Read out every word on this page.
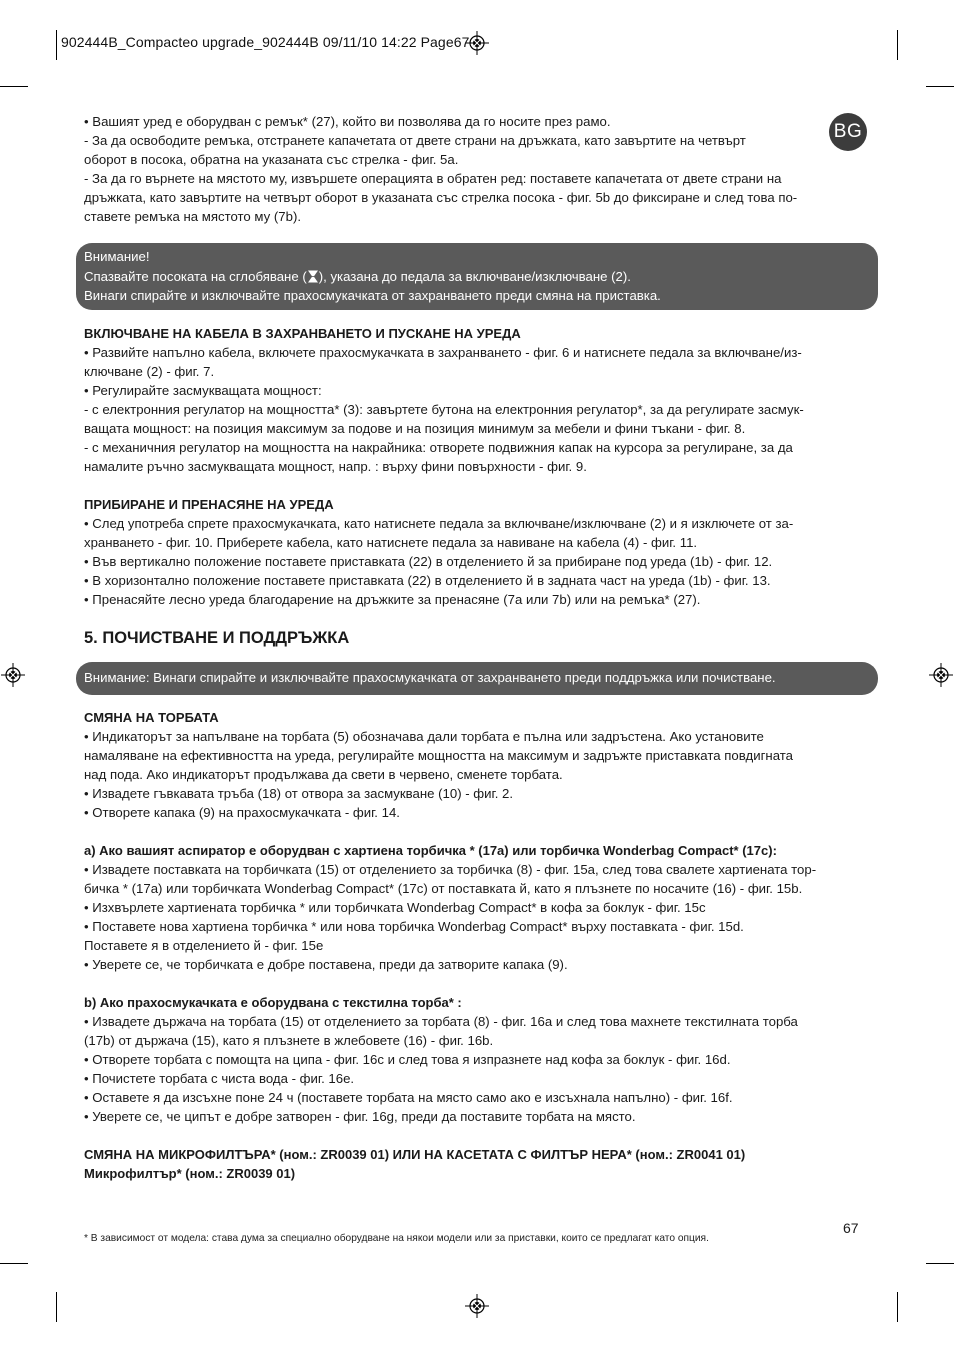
902444B_Compacteo upgrade_902444B 09/11/10 14:22 Page67
BG

• Вашият уред е оборудван с ремък* (27), който ви позволява да го носите през рамо.

- За да освободите ремъка, отстранете капачетата от двете страни на дръжката, като завъртите на четвърт

оборот в посока, обратна на указаната със стрелка - фиг. 5a.

- За да го върнете на мястото му, извършете операцията в обратен ред: поставете капачетата от двете страни на

дръжката, като завъртите на четвърт оборот в указаната със стрелка посока - фиг. 5b до фиксиране и след това по-

ставете ремъка на мястото му (7b).

Внимание!

Спазвайте посоката на сглобяване ( ), указана до педала за включване/изключване (2).

Винаги спирайте и изключвайте прахосмукачката от захранването преди смяна на приставка.

ВКЛЮЧВАНЕ НА КАБЕЛА В ЗАХРАНВАНЕТО И ПУСКАНЕ НА УРЕДА

• Развийте напълно кабела, включете прахосмукачката в захранването - фиг. 6 и натиснете педала за включване/из-

ключване (2) - фиг. 7.

• Регулирайте засмукващата мощност:

- с електронния регулатор на мощността* (3): завъртете бутона на електронния регулатор*, за да регулирате засмук-

ващата мощност: на позиция максимум за подове и на позиция минимум за мебели и фини тъкани - фиг. 8.

- с механичния регулатор на мощността на накрайника: отворете подвижния капак на курсора за регулиране, за да

намалите ръчно засмукващата мощност, напр. : върху фини повърхности - фиг. 9.

ПРИБИРАНЕ И ПРЕНАСЯНЕ НА УРЕДА

• След употреба спрете прахосмукачката, като натиснете педала за включване/изключване (2) и я изключете от за-

хранването - фиг. 10. Приберете кабела, като натиснете педала за навиване на кабела (4) - фиг. 11.

• Във вертикално положение поставете приставката (22) в отделението й за прибиране под уреда (1b) - фиг. 12.

• В хоризонтално положение поставете приставката (22) в отделението й в задната част на уреда (1b) - фиг. 13.

• Пренасяйте лесно уреда благодарение на дръжките за пренасяне (7a или 7b) или на ремъка* (27).

5. ПОЧИСТВАНЕ И ПОДДРЪЖКА

Внимание: Винаги спирайте и изключвайте прахосмукачката от захранването преди поддръжка или почистване.

СМЯНА НА ТОРБАТА

• Индикаторът за напълване на торбата (5) обозначава дали торбата е пълна или задръстена. Ако установите

намаляване на ефективността на уреда, регулирайте мощността на максимум и задръжте приставката повдигната

над пода. Ако индикаторът продължава да свети в червено, сменете торбата.

• Извадете гъвкавата тръба (18) от отвора за засмукване (10) - фиг. 2.

• Отворете капака (9) на прахосмукачката - фиг. 14.

a) Ако вашият аспиратор е оборудван с хартиена торбичка * (17a) или торбичка Wonderbag Compact* (17c):

• Извадете поставката на торбичката (15) от отделението за торбичка (8) - фиг. 15a, след това свалете хартиената тор-

бичка * (17a) или торбичката Wonderbag Compact* (17c) от поставката й, като я плъзнете по носачите (16) - фиг. 15b.

• Изхвърлете хартиената торбичка * или торбичката Wonderbag Compact* в кофа за боклук - фиг. 15c

• Поставете нова хартиена торбичка * или нова торбичка Wonderbag Compact* върху поставката - фиг. 15d.

Поставете я в отделението й - фиг. 15e

• Уверете се, че торбичката е добре поставена, преди да затворите капака (9).

b) Ако прахосмукачката е оборудвана с текстилна торба* :

• Извадете държача на торбата (15) от отделението за торбата (8) - фиг. 16a и след това махнете текстилната торба

(17b) от държача (15), като я плъзнете в жлебовете (16) - фиг. 16b.

• Отворете торбата с помощта на ципа - фиг. 16c и след това я изпразнете над кофа за боклук - фиг. 16d.

• Почистете торбата с чиста вода - фиг. 16e.

• Оставете я да изсъхне поне 24 ч (поставете торбата на място само ако е изсъхнала напълно) - фиг. 16f.

• Уверете се, че ципът е добре затворен - фиг. 16g, преди да поставите торбата на място.

СМЯНА НА МИКРОФИЛТЪРА* (ном.: ZR0039 01) ИЛИ НА КАСЕТАТА С ФИЛТЪР HEPA* (ном.: ZR0041 01)

Микрофилтър* (ном.: ZR0039 01)

67
* В зависимост от модела: става дума за специално оборудване на някои модели или за приставки, които се предлагат като опция.
